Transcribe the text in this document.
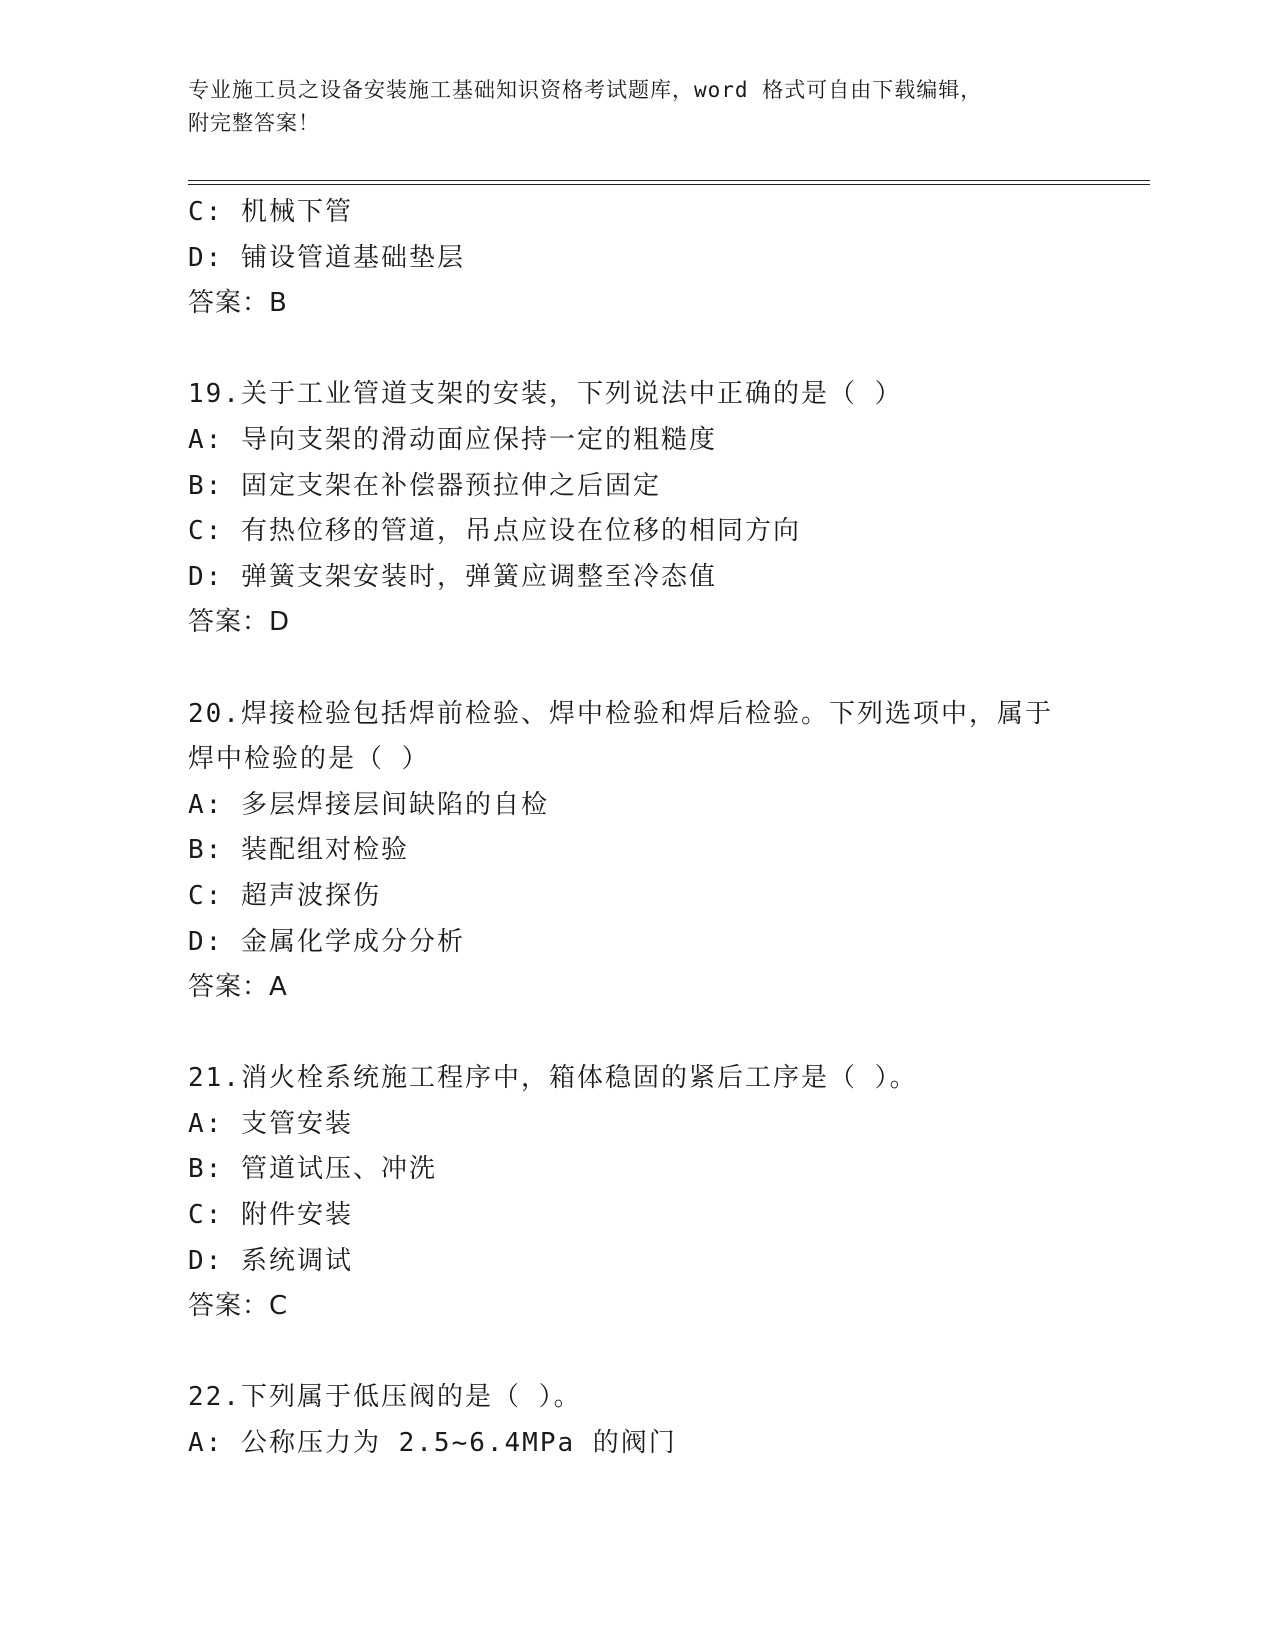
专业施工员之设备安装施工基础知识资格考试题库，word 格式可自由下载编辑，
附完整答案！
C: 机械下管
D: 铺设管道基础垫层
答案：B
19.关于工业管道支架的安装，下列说法中正确的是（ ）
A: 导向支架的滑动面应保持一定的粗糙度
B: 固定支架在补偿器预拉伸之后固定
C: 有热位移的管道，吊点应设在位移的相同方向
D: 弹簧支架安装时，弹簧应调整至冷态值
答案：D
20.焊接检验包括焊前检验、焊中检验和焊后检验。下列选项中，属于
焊中检验的是（ ）
A: 多层焊接层间缺陷的自检
B: 装配组对检验
C: 超声波探伤
D: 金属化学成分分析
答案：A
21.消火栓系统施工程序中，箱体稳固的紧后工序是（ ）。
A: 支管安装
B: 管道试压、冲洗
C: 附件安装
D: 系统调试
答案：C
22.下列属于低压阀的是（ ）。
A: 公称压力为 2.5~6.4MPa 的阀门
